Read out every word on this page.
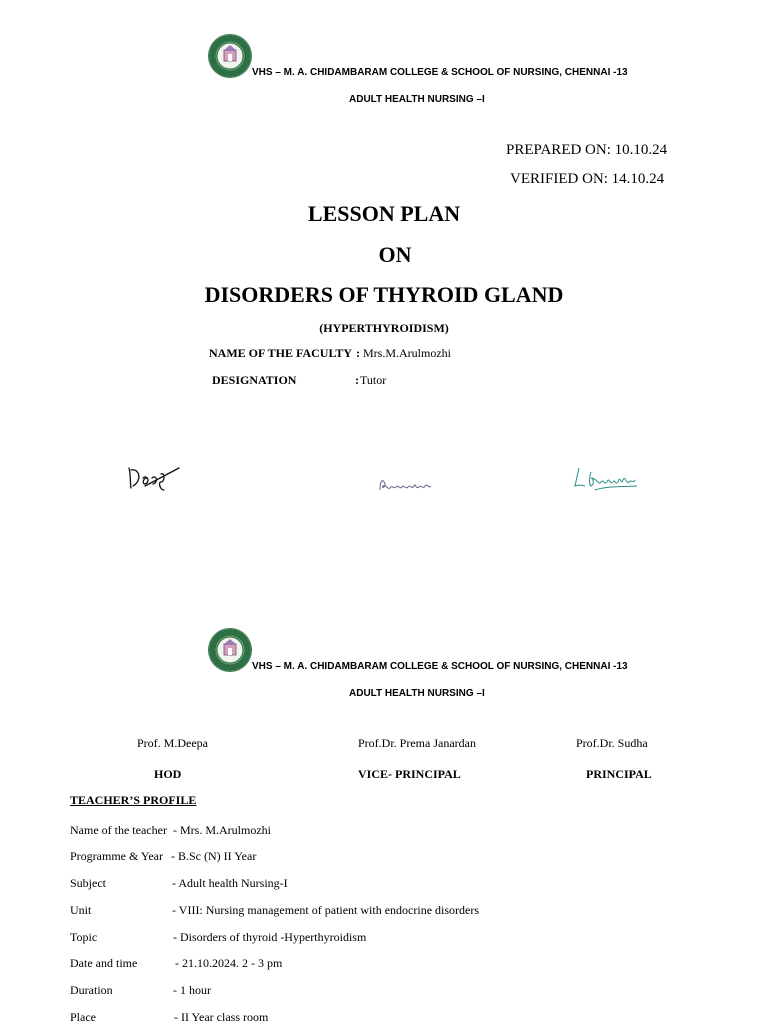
VHS – M. A. CHIDAMBARAM COLLEGE & SCHOOL OF NURSING, CHENNAI -13
ADULT HEALTH NURSING –I
PREPARED ON: 10.10.24
VERIFIED ON: 14.10.24
LESSON PLAN
ON
DISORDERS OF THYROID GLAND
(HYPERTHYROIDISM)
NAME OF THE FACULTY : Mrs.M.Arulmozhi
DESIGNATION	: Tutor
VHS – M. A. CHIDAMBARAM COLLEGE & SCHOOL OF NURSING, CHENNAI -13
ADULT HEALTH NURSING –I
Prof. M.Deepa	Prof.Dr. Prema Janardan	Prof.Dr. Sudha
HOD	VICE- PRINCIPAL	PRINCIPAL
TEACHER’S PROFILE
Name of the teacher - Mrs. M.Arulmozhi
Programme & Year - B.Sc (N) II Year
Subject	- Adult health Nursing-I
Unit	- VIII: Nursing management of patient with endocrine disorders
Topic	- Disorders of thyroid -Hyperthyroidism
Date and time	- 21.10.2024. 2 - 3 pm
Duration	- 1 hour
Place	- II Year class room
